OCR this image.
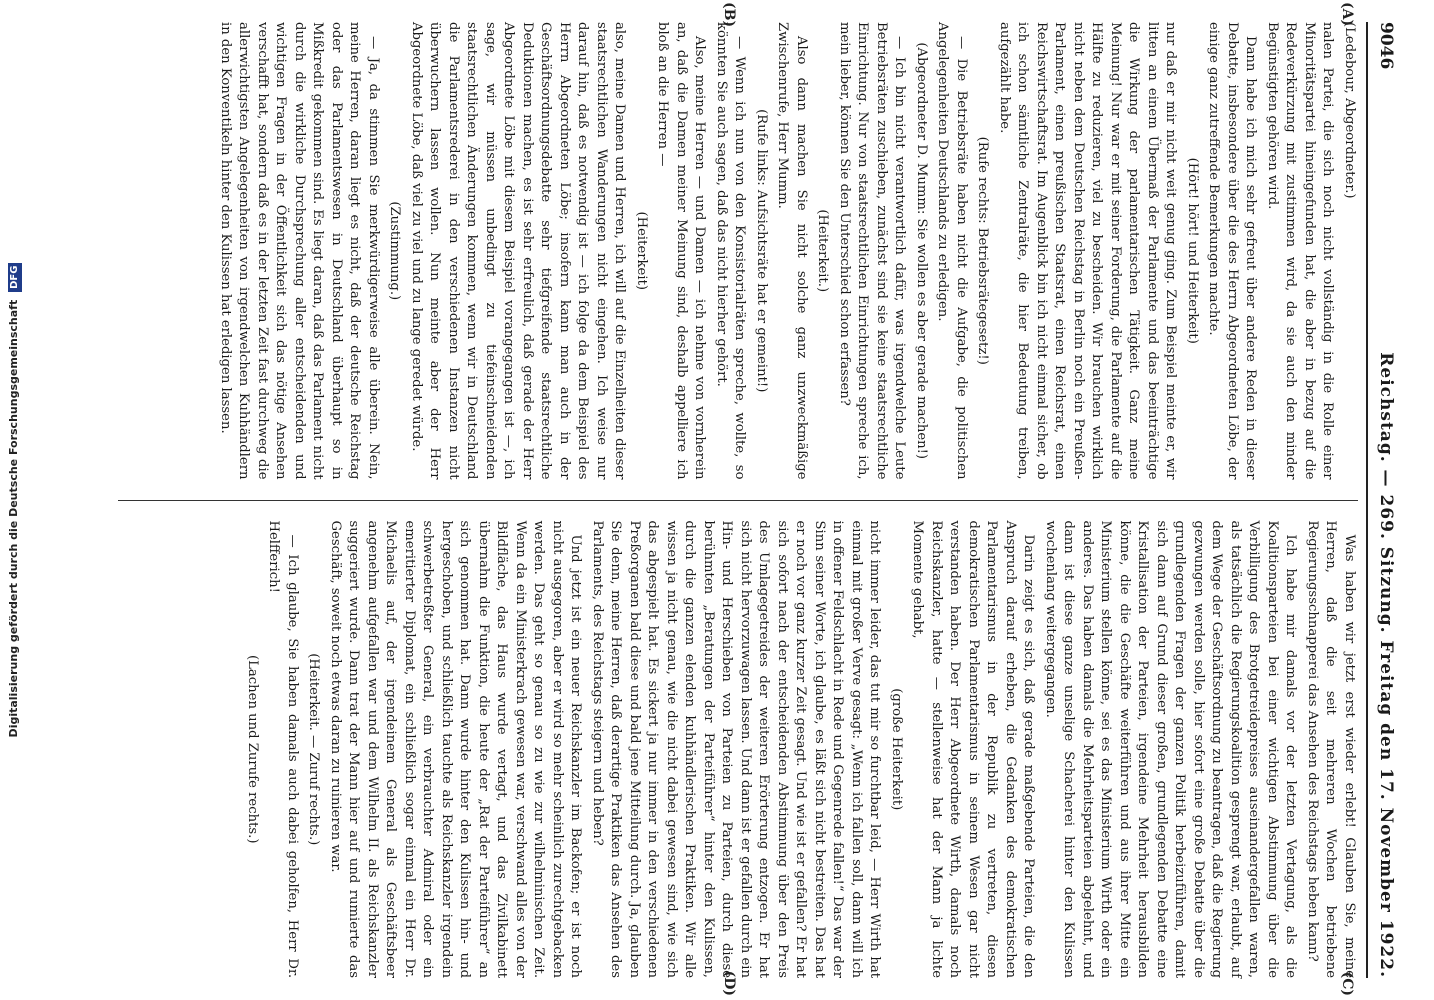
Digitalisierung gefördert durch die Deutsche Forschungsgemeinschaft DFG
9046
Reichstag. — 269. Sitzung. Freitag den 17. November 1922.
(A)
(B)

(Ledebour, Abgeordneter.)

nalen Partei, die sich noch nicht vollständig in die Rolle einer Minoritätspartei hineingefunden hat, die aber in bezug auf die Redeverkürzung mit zustimmen wird, da sie auch den minder Begünstigten gehören wird.

Dann habe ich mich sehr gefreut über andere Reden in dieser Debatte, insbesondere über die des Herrn Abgeordneten Löbe, der einige ganz zutreffende Bemerkungen machte.

(Hört! hört! und Heiterkeit)

nur daß er mir nicht weit genug ging. Zum Beispiel meinte er, wir litten an einem Übermaß der Parlamente und das beeinträchtige die Wirkung der parlamentarischen Tätigkeit. Ganz meine Meinung! Nur war er mit seiner Forderung, die Parlamente auf die Hälfte zu reduzieren, viel zu bescheiden. Wir brauchen wirklich nicht neben dem Deutschen Reichstag in Berlin noch ein Preußen-Parlament, einen preußischen Staatsrat, einen Reichsrat, einen Reichswirtschaftsrat. Im Augenblick bin ich nicht einmal sicher, ob ich schon sämtliche Zentralräte, die hier Bedeutung treiben, aufgezählt habe.

(Rufe rechts: Betriebsrätegesetz!)

— Die Betriebsräte haben nicht die Aufgabe, die politischen Angelegenheiten Deutschlands zu erledigen.

(Abgeordneter D. Mumm: Sie wollen es aber gerade machen!)

— Ich bin nicht verantwortlich dafür, was irgendwelche Leute Betriebsräten zuschieben, zunächst sind sie keine staatsrechtliche Einrichtung. Nur von staatsrechtlichen Einrichtungen spreche ich, mein lieber, können Sie den Unterschied schon erfassen?

(Heiterkeit.)

Also dann machen Sie nicht solche ganz unzweckmäßige Zwischenrufe, Herr Mumm.

(Rufe links: Aufsichtsräte hat er gemeint!)

— Wenn ich nun von den Konsistorialräten spreche, wollte, so könnten Sie auch sagen, daß das nicht hierher gehört.

Also, meine Herren — und Damen — ich nehme von vornherein an, daß die Damen meiner Meinung sind, deshalb appelliere ich bloß an die Herren —

(Heiterkeit)

also, meine Damen und Herren, ich will auf die Einzelheiten dieser staatsrechtlichen Wanderungen nicht eingehen. Ich weise nur darauf hin, daß es notwendig ist — ich folge da dem Beispiel des Herrn Abgeordneten Löbe; insofern kann man auch in der Geschäftsordnungsdebatte sehr tiefgreifende staatsrechtliche Deduktionen machen, es ist sehr erfreulich, daß gerade der Herr Abgeordnete Löbe mit diesem Beispiel vorangegangen ist —, ich sage, wir müssen unbedingt zu tiefeinschneidenden staatsrechtlichen Änderungen kommen, wenn wir in Deutschland die Parlamentsrederei in den verschiedenen Instanzen nicht überwuchern lassen wollen. Nun meinte aber der Herr Abgeordnete Löbe, daß viel zu viel und zu lange geredet würde.

(Zustimmung.)

— Ja, da stimmen Sie merkwürdigerweise alle überein. Nein, meine Herren, daran liegt es nicht, daß der deutsche Reichstag oder das Parlamentswesen in Deutschland überhaupt so in Mißkredit gekommen sind. Es liegt daran, daß das Parlament nicht durch die wirkliche Durchsprechung aller entscheidenden und wichtigen Fragen in der Öffentlichkeit sich das nötige Ansehen verschafft hat, sondern daß es in der letzten Zeit fast durchweg die allerwichtigsten Angelegenheiten von irgendwelchen Kuhhändlern in den Konventikeln hinter den Kulissen hat erledigen lassen.

(C)
(D)

Was haben wir jetzt erst wieder erlebt! Glauben Sie, meine Herren, daß die seit mehreren Wochen betriebene Regierungsschnapperei das Ansehen des Reichstags heben kann?

Ich habe mir damals vor der letzten Vertagung, als die Koalitionsparteien bei einer wichtigen Abstimmung über die Verbilligung des Brotgetreidepreises auseinandergefallen waren, als tatsächlich die Regierungskoalition gesprengt war, erlaubt, auf dem Wege der Geschäftsordnung zu beantragen, daß die Regierung gezwungen werden solle, hier sofort eine große Debatte über die grundlegenden Fragen der ganzen Politik herbeizuführen, damit sich dann auf Grund dieser großen, grundlegenden Debatte eine Kristallisation der Parteien, irgendeine Mehrheit herausbilden könne, die die Geschäfte weiterführen und aus ihrer Mitte ein Ministerium stellen könne, sei es das Ministerium Wirth oder ein anderes. Das haben damals die Mehrheitsparteien abgelehnt, und dann ist diese ganze unselige Schacherei hinter den Kulissen wochenlang weitergegangen.

Darin zeigt es sich, daß gerade maßgebende Parteien, die den Anspruch darauf erheben, die Gedanken des demokratischen Parlamentarismus in der Republik zu vertreten, diesen demokratischen Parlamentarismus in seinem Wesen gar nicht verstanden haben. Der Herr Abgeordnete Wirth, damals noch Reichskanzler, hatte — stellenweise hat der Mann ja lichte Momente gehabt,

(große Heiterkeit)

nicht immer leider, das tut mir so furchtbar leid, — Herr Wirth hat einmal mit großer Verve gesagt: „Wenn ich fallen soll, dann will ich in offener Feldschlacht in Rede und Gegenrede fallen!“ Das war der Sinn seiner Worte, ich glaube, es läßt sich nicht bestreiten. Das hat er noch vor ganz kurzer Zeit gesagt. Und wie ist er gefallen? Er hat sich sofort nach der entscheidenden Abstimmung über den Preis des Umlagegetreides der weiteren Erörterung entzogen. Er hat sich nicht hervorzuwagen lassen. Und dann ist er gefallen durch ein Hin- und Herschieben von Parteien zu Parteien, durch diese berühmten „Beratungen der Parteiführer“ hinter den Kulissen, durch die ganzen elenden kuhhändlerischen Praktiken. Wir alle wissen ja nicht genau, wie die nicht dabei gewesen sind, wie sich das abgespielt hat. Es sickert ja nur immer in den verschiedenen Preßorganen bald diese und bald jene Mitteilung durch. Ja, glauben Sie denn, meine Herren, daß derartige Praktiken das Ansehen des Parlaments, des Reichstags steigern und heben?

Und jetzt ist ein neuer Reichskanzler im Backofen; er ist noch nicht ausgegoren, aber er wird so mehr scheinlich zurechtgebacken werden. Das geht so genau so zu wie zur wilhelminischen Zeit. Wenn da ein Ministerkrach gewesen war, verschwand alles von der Bildfläche, das Haus wurde vertagt, und das Zivilkabinett übernahm die Funktion, die heute der „Rat der Parteiführer“ an sich genommen hat. Dann wurde hinter den Kulissen hin- und hergeschoben, und schließlich tauchte als Reichskanzler irgendein schwerbetreßter General, ein verbrauchter Admiral oder ein emeritierter Diplomat, ein schließlich sogar einmal ein Herr Dr. Michaelis auf, der irgendeinem General als Geschäftsbeer angenehm aufgefallen war und dem Wilhelm II. als Reichskanzler suggeriert wurde. Dann trat der Mann hier auf und rumierte das Geschäft, soweit noch etwas daran zu ruinieren war.

(Heiterkeit. — Zuruf rechts.)

— Ich glaube, Sie haben damals auch dabei geholfen, Herr Dr. Helfferich!

(Lachen und Zurufe rechts.)
